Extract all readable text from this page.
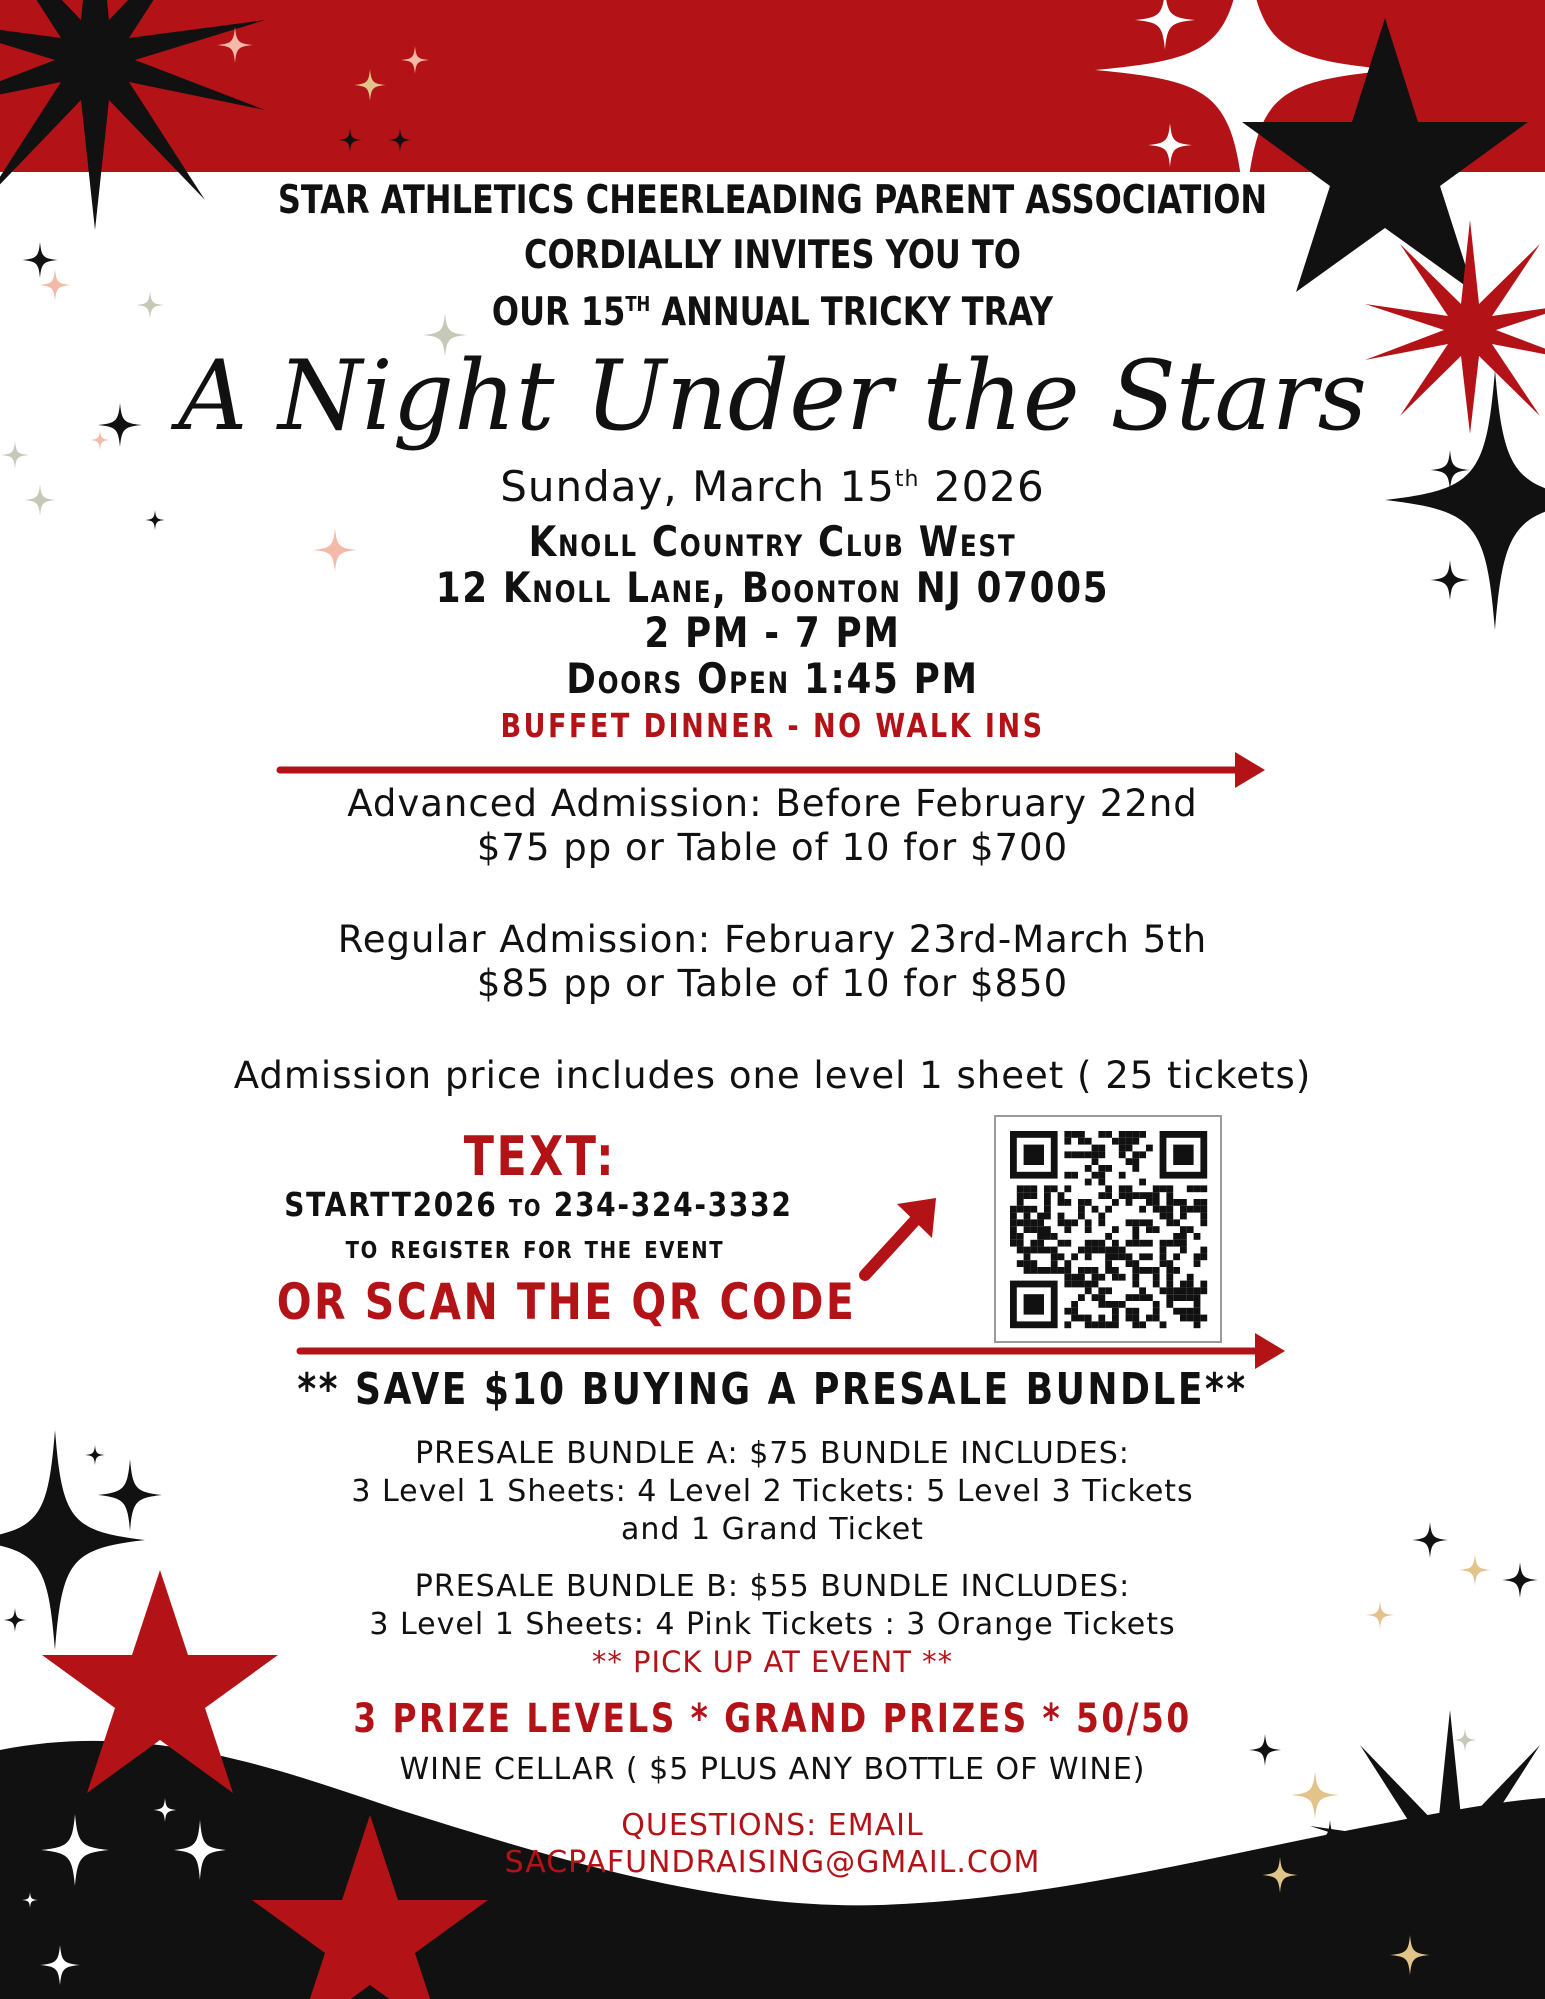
STAR ATHLETICS CHEERLEADING PARENT ASSOCIATION

CORDIALLY INVITES YOU TO

OUR 15TH ANNUAL TRICKY TRAY

A Night Under the Stars

Sunday, March 15th 2026

Knoll Country Club West

12 Knoll Lane, Boonton NJ 07005

2 PM - 7 PM

Doors Open 1:45 PM

BUFFET DINNER - NO WALK INS

Advanced Admission: Before February 22nd

$75 pp or Table of 10 for $700

Regular Admission: February 23rd-March 5th

$85 pp or Table of 10 for $850

Admission price includes one level 1 sheet ( 25 tickets)

TEXT:

STARTT2026 to 234-324-3332

to register for the event

OR SCAN THE QR CODE

** SAVE $10 BUYING A PRESALE BUNDLE**

PRESALE BUNDLE A: $75 BUNDLE INCLUDES:

3 Level 1 Sheets: 4 Level 2 Tickets: 5 Level 3 Tickets

and 1 Grand Ticket

PRESALE BUNDLE B: $55 BUNDLE INCLUDES:

3 Level 1 Sheets: 4 Pink Tickets : 3 Orange Tickets

** PICK UP AT EVENT **

3 PRIZE LEVELS * GRAND PRIZES * 50/50

WINE CELLAR ( $5 PLUS ANY BOTTLE OF WINE)

QUESTIONS: EMAIL

SACPAFUNDRAISING@GMAIL.COM
